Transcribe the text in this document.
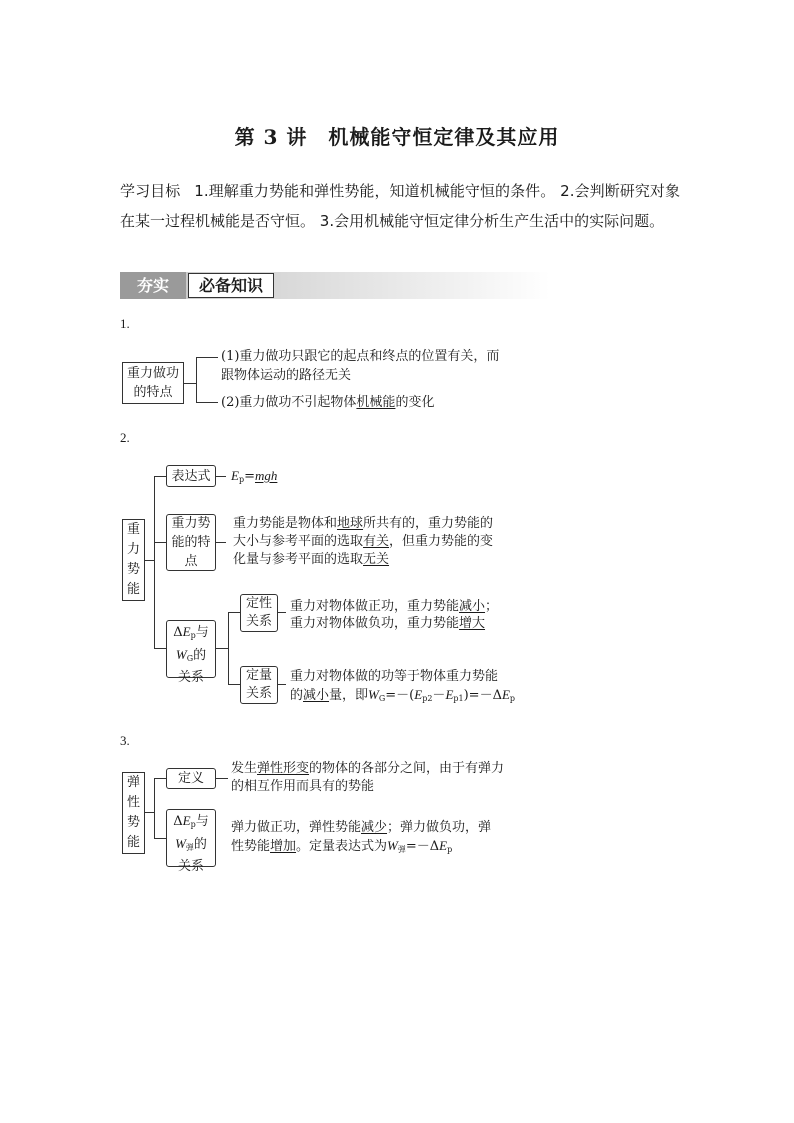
第 3 讲　机械能守恒定律及其应用
学习目标 1.理解重力势能和弹性势能，知道机械能守恒的条件。 2.会判断研究对象在某一过程机械能是否守恒。 3.会用机械能守恒定律分析生产生活中的实际问题。
夯实	必备知识
1.
重力做功的特点
(1)重力做功只跟它的起点和终点的位置有关，而
跟物体运动的路径无关
(2)重力做功不引起物体机械能的变化
2.
重力势能
表达式	$E_p=mgh$
重力势能的特点
重力势能是物体和地球所共有的，重力势能的
大小与参考平面的选取有关，但重力势能的变
化量与参考平面的选取无关
$\Delta E_p$与
$W_G$的
关系
定性关系
重力对物体做正功，重力势能减小；
重力对物体做负功，重力势能增大
定量关系
重力对物体做的功等于物体重力势能
的减小量，即$W_G=-(E_{p2}-E_{p1})=-\Delta E_p$
3.
弹性势能
定义
发生弹性形变的物体的各部分之间，由于有弹力
的相互作用而具有的势能
$\Delta E_p$与
$W_弹$的
关系
弹力做正功，弹性势能减少；弹力做负功，弹
性势能增加。定量表达式为$W_弹=-\Delta E_p$
